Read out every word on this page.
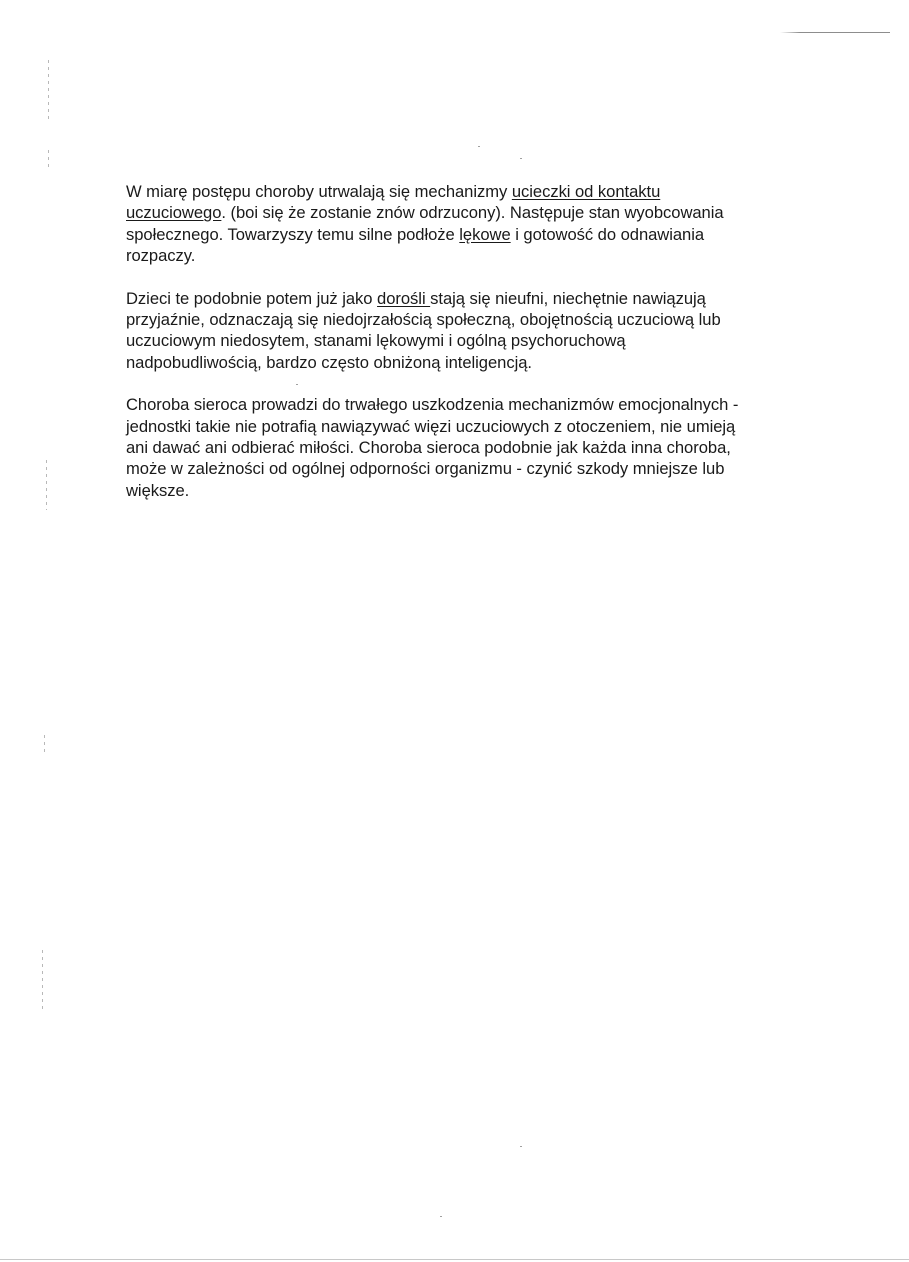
W miarę postępu choroby utrwalają się mechanizmy ucieczki od kontaktu
uczuciowego. (boi się że zostanie znów odrzucony). Następuje stan wyobcowania
społecznego. Towarzyszy temu silne podłoże lękowe i gotowość do odnawiania
rozpaczy.

Dzieci te podobnie potem już jako dorośli stają się nieufni, niechętnie nawiązują
przyjaźnie, odznaczają się niedojrzałością społeczną, obojętnością uczuciową lub
uczuciowym niedosytem, stanami lękowymi i ogólną psychoruchową
nadpobudliwością, bardzo często obniżoną inteligencją.

Choroba sieroca prowadzi do trwałego uszkodzenia mechanizmów emocjonalnych -
jednostki takie nie potrafią nawiązywać więzi uczuciowych z otoczeniem, nie umieją
ani dawać ani odbierać miłości. Choroba sieroca podobnie jak każda inna choroba,
może w zależności od ogólnej odporności organizmu - czynić szkody mniejsze lub
większe.
